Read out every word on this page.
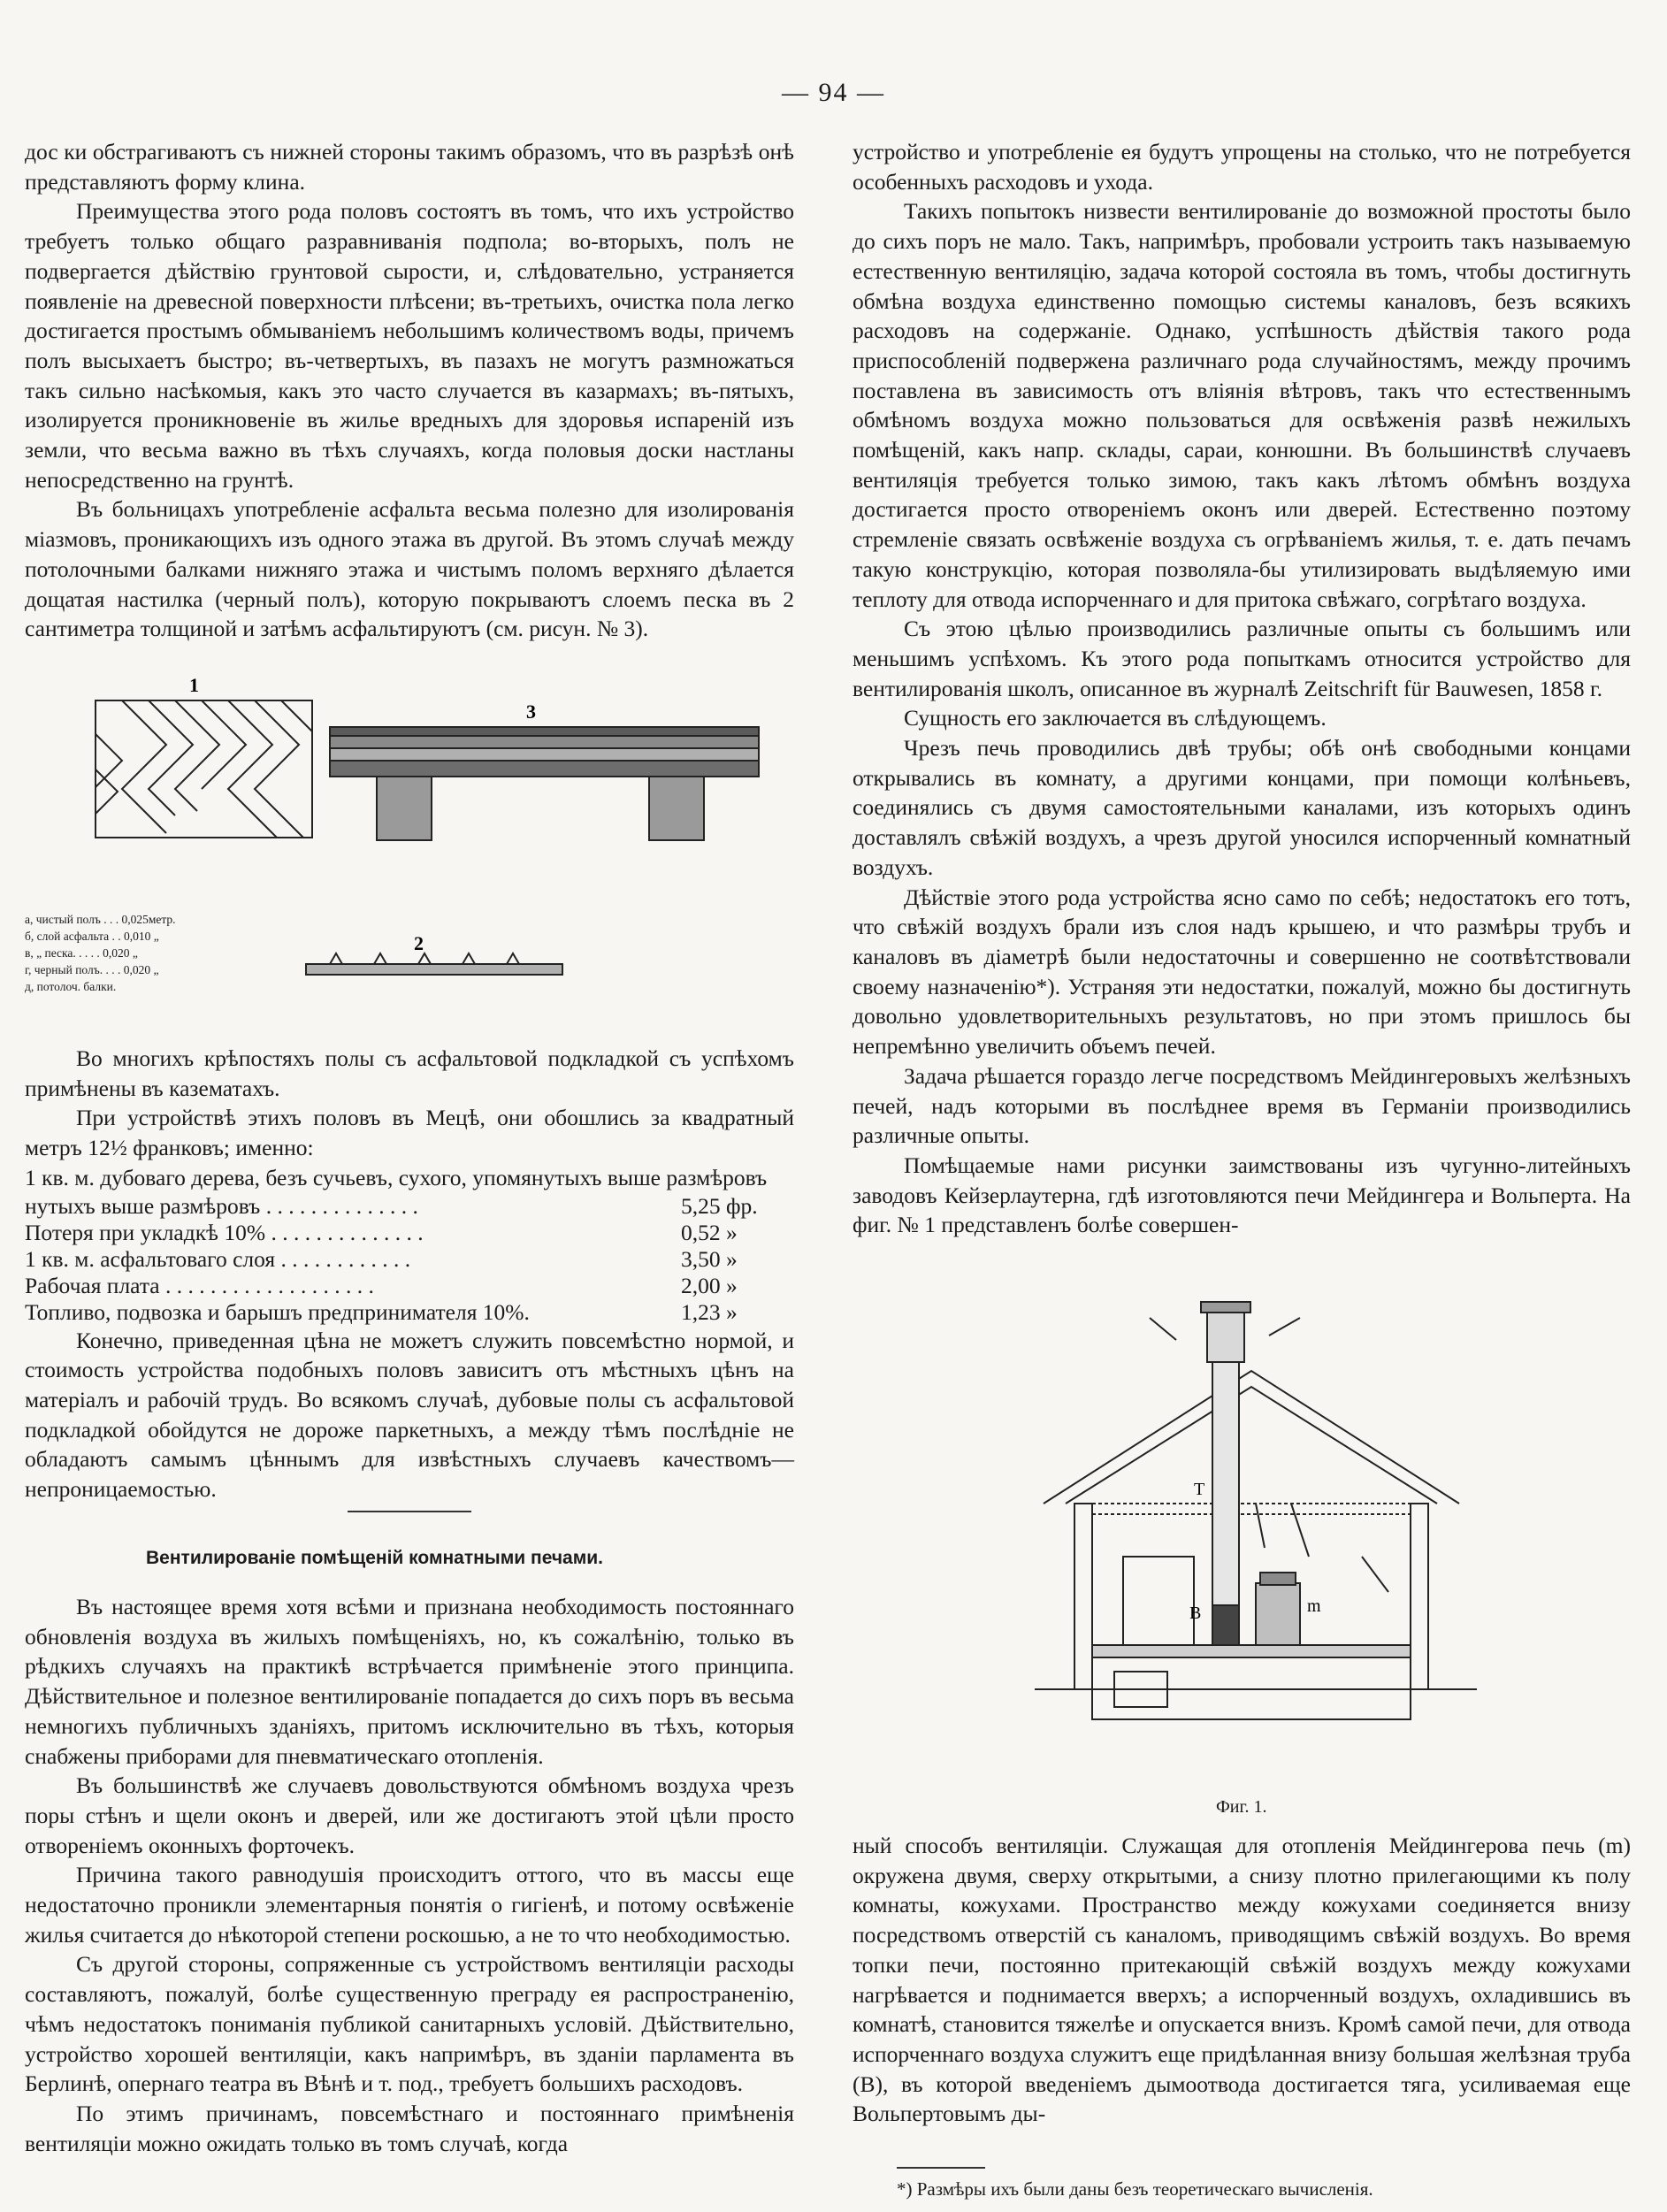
— 94 —

дос ки обстрагиваютъ съ нижней стороны такимъ образомъ, что въ разрѣзѣ онѣ представляютъ форму клина.

Преимущества этого рода половъ состоятъ въ томъ, что ихъ устройство требуетъ только общаго разравниванія подпола; во-вторыхъ, полъ не подвергается дѣйствію грунтовой сырости, и, слѣдовательно, устраняется появленіе на древесной поверхности плѣсени; въ-третьихъ, очистка пола легко достигается простымъ обмываніемъ небольшимъ количествомъ воды, причемъ полъ высыхаетъ быстро; въ-четвертыхъ, въ пазахъ не могутъ размножаться такъ сильно насѣкомыя, какъ это часто случается въ казармахъ; въ-пятыхъ, изолируется проникновеніе въ жилье вредныхъ для здоровья испареній изъ земли, что весьма важно въ тѣхъ случаяхъ, когда половыя доски настланы непосредственно на грунтѣ.

Въ больницахъ употребленіе асфальта весьма полезно для изолированія міазмовъ, проникающихъ изъ одного этажа въ другой. Въ этомъ случаѣ между потолочными балками нижняго этажа и чистымъ поломъ верхняго дѣлается дощатая настилка (черный полъ), которую покрываютъ слоемъ песка въ 2 сантиметра толщиной и затѣмъ асфальтируютъ (см. рисун. № 3).

1
3
2
а, чистый полъ . . . 0,025метр.
б, слой асфальта . . 0,010 „
в, „ песка. . . . . 0,020 „
г, черный полъ. . . . 0,020 „
д, потолоч. балки.

Во многихъ крѣпостяхъ полы съ асфальтовой подкладкой съ успѣхомъ примѣнены въ казематахъ.

При устройствѣ этихъ половъ въ Мецѣ, они обошлись за квадратный метръ 12½ франковъ; именно:

1 кв. м. дубоваго дерева, безъ сучьевъ, сухого, упомянутыхъ выше размѣровъ

нутыхъ выше размѣровъ . . . . . . . . . . . . . .	5,25 фр.
Потеря при укладкѣ 10% . . . . . . . . . . . . . .	0,52 »
1 кв. м. асфальтоваго слоя . . . . . . . . . . . .	3,50 »
Рабочая плата . . . . . . . . . . . . . . . . . . .	2,00 »
Топливо, подвозка и барышъ предпринимателя 10%.	1,23 »

Конечно, приведенная цѣна не можетъ служить повсемѣстно нормой, и стоимость устройства подобныхъ половъ зависитъ отъ мѣстныхъ цѣнъ на матеріалъ и рабочій трудъ. Во всякомъ случаѣ, дубовые полы съ асфальтовой подкладкой обойдутся не дороже паркетныхъ, а между тѣмъ послѣдніе не обладаютъ самымъ цѣннымъ для извѣстныхъ случаевъ качествомъ—непроницаемостью.

Вентилированіе помѣщеній комнатными печами.

Въ настоящее время хотя всѣми и признана необходимость постояннаго обновленія воздуха въ жилыхъ помѣщеніяхъ, но, къ сожалѣнію, только въ рѣдкихъ случаяхъ на практикѣ встрѣчается примѣненіе этого принципа. Дѣйствительное и полезное вентилированіе попадается до сихъ поръ въ весьма немногихъ публичныхъ зданіяхъ, притомъ исключительно въ тѣхъ, которыя снабжены приборами для пневматическаго отопленія.

Въ большинствѣ же случаевъ довольствуются обмѣномъ воздуха чрезъ поры стѣнъ и щели оконъ и дверей, или же достигаютъ этой цѣли просто отвореніемъ оконныхъ форточекъ.

Причина такого равнодушія происходитъ оттого, что въ массы еще недостаточно проникли элементарныя понятія о гигіенѣ, и потому освѣженіе жилья считается до нѣкоторой степени роскошью, а не то что необходимостью.

Съ другой стороны, сопряженные съ устройствомъ вентиляціи расходы составляютъ, пожалуй, болѣе существенную преграду ея распространенію, чѣмъ недостатокъ пониманія публикой санитарныхъ условій. Дѣйствительно, устройство хорошей вентиляціи, какъ напримѣръ, въ зданіи парламента въ Берлинѣ, опернаго театра въ Вѣнѣ и т. под., требуетъ большихъ расходовъ.

По этимъ причинамъ, повсемѣстнаго и постояннаго примѣненія вентиляціи можно ожидать только въ томъ случаѣ, когда

устройство и употребленіе ея будутъ упрощены на столько, что не потребуется особенныхъ расходовъ и ухода.

Такихъ попытокъ низвести вентилированіе до возможной простоты было до сихъ поръ не мало. Такъ, напримѣръ, пробовали устроить такъ называемую естественную вентиляцію, задача которой состояла въ томъ, чтобы достигнуть обмѣна воздуха единственно помощью системы каналовъ, безъ всякихъ расходовъ на содержаніе. Однако, успѣшность дѣйствія такого рода приспособленій подвержена различнаго рода случайностямъ, между прочимъ поставлена въ зависимость отъ вліянія вѣтровъ, такъ что естественнымъ обмѣномъ воздуха можно пользоваться для освѣженія развѣ нежилыхъ помѣщеній, какъ напр. склады, сараи, конюшни. Въ большинствѣ случаевъ вентиляція требуется только зимою, такъ какъ лѣтомъ обмѣнъ воздуха достигается просто отвореніемъ оконъ или дверей. Естественно поэтому стремленіе связать освѣженіе воздуха съ огрѣваніемъ жилья, т. е. дать печамъ такую конструкцію, которая позволяла-бы утилизировать выдѣляемую ими теплоту для отвода испорченнаго и для притока свѣжаго, согрѣтаго воздуха.

Съ этою цѣлью производились различные опыты съ большимъ или меньшимъ успѣхомъ. Къ этого рода попыткамъ относится устройство для вентилированія школъ, описанное въ журналѣ Zeitschrift für Bauwesen, 1858 г.

Сущность его заключается въ слѣдующемъ.

Чрезъ печь проводились двѣ трубы; обѣ онѣ свободными концами открывались въ комнату, а другими концами, при помощи колѣньевъ, соединялись съ двумя самостоятельными каналами, изъ которыхъ одинъ доставлялъ свѣжій воздухъ, а чрезъ другой уносился испорченный комнатный воздухъ.

Дѣйствіе этого рода устройства ясно само по себѣ; недостатокъ его тотъ, что свѣжій воздухъ брали изъ слоя надъ крышею, и что размѣры трубъ и каналовъ въ діаметрѣ были недостаточны и совершенно не соотвѣтствовали своему назначенію*). Устраняя эти недостатки, пожалуй, можно бы достигнуть довольно удовлетворительныхъ результатовъ, но при этомъ пришлось бы непремѣнно увеличить объемъ печей.

Задача рѣшается гораздо легче посредствомъ Мейдингеровыхъ желѣзныхъ печей, надъ которыми въ послѣднее время въ Германіи производились различные опыты.

Помѣщаемые нами рисунки заимствованы изъ чугунно-литейныхъ заводовъ Кейзерлаутерна, гдѣ изготовляются печи Мейдингера и Вольперта. На фиг. № 1 представленъ болѣе совершен-

T
B	m
Фиг. 1.

ный способъ вентиляціи. Служащая для отопленія Мейдингерова печь (m) окружена двумя, сверху открытыми, а снизу плотно прилегающими къ полу комнаты, кожухами. Пространство между кожухами соединяется внизу посредствомъ отверстій съ каналомъ, приводящимъ свѣжій воздухъ. Во время топки печи, постоянно притекающій свѣжій воздухъ между кожухами нагрѣвается и поднимается вверхъ; а испорченный воздухъ, охладившись въ комнатѣ, становится тяжелѣе и опускается внизъ. Кромѣ самой печи, для отвода испорченнаго воздуха служитъ еще придѣланная внизу большая желѣзная труба (B), въ которой введеніемъ дымоотвода достигается тяга, усиливаемая еще Вольпертовымъ ды-

*) Размѣры ихъ были даны безъ теоретическаго вычисленія.
